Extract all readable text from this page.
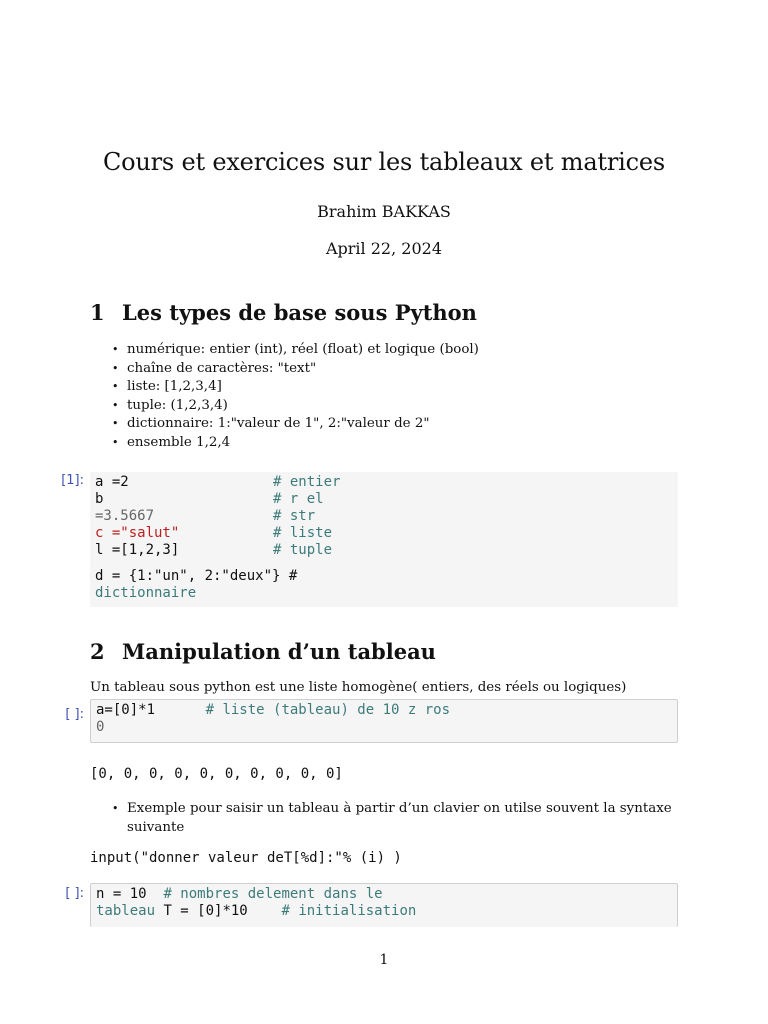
Cours et exercices sur les tableaux et matrices
Brahim BAKKAS
April 22, 2024
1 Les types de base sous Python
• numérique: entier (int), réel (float) et logique (bool)
• chaîne de caractères: "text"
• liste: [1,2,3,4]
• tuple: (1,2,3,4)
• dictionnaire: 1:"valeur de 1", 2:"valeur de 2"
• ensemble 1,2,4
[1]: a =2	# entier
b	# r el
=3.5667	# str
c ="salut"	# liste
l =[1,2,3]	# tuple
d = {1:"un", 2:"deux"} #
dictionnaire
2 Manipulation d’un tableau
Un tableau sous python est une liste homogène( entiers, des réels ou logiques)
[ ]: a=[0]*1	# liste (tableau) de 10 z ros
0
[0, 0, 0, 0, 0, 0, 0, 0, 0, 0]
• Exemple pour saisir un tableau à partir d’un clavier on utilse souvent la syntaxe suivante
input("donner valeur deT[%d]:"% (i) )
[ ]: n = 10 # nombres delement dans le
tableau T = [0]*10 # initialisation
1
